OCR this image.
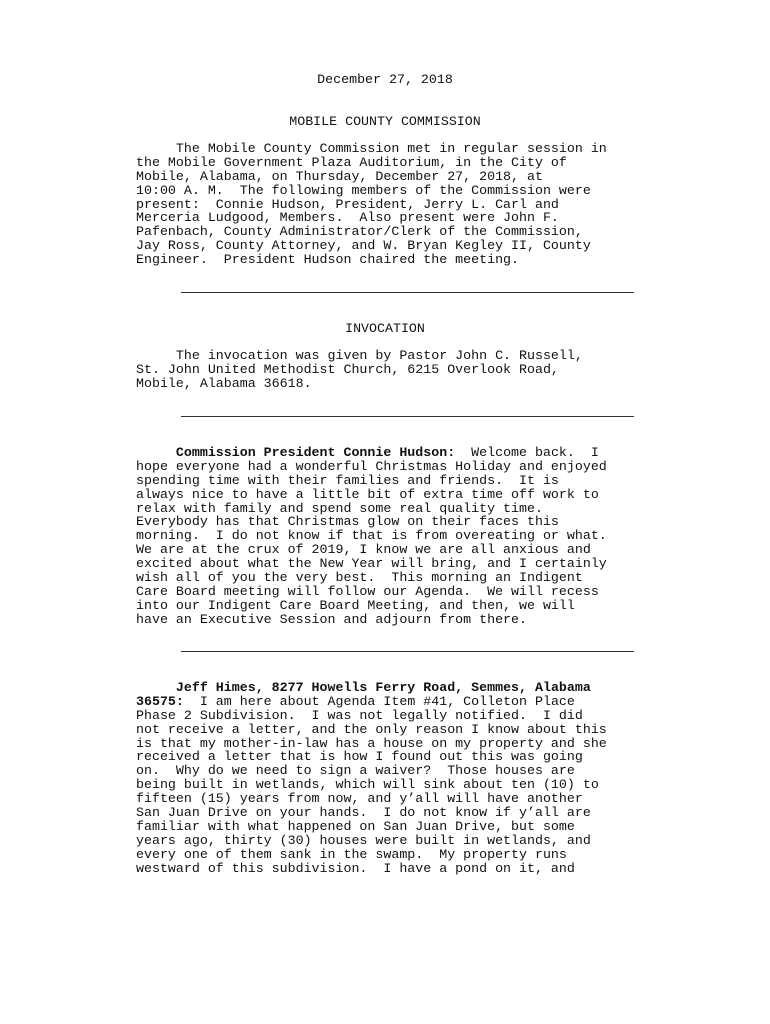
December 27, 2018
MOBILE COUNTY COMMISSION
The Mobile County Commission met in regular session in
the Mobile Government Plaza Auditorium, in the City of
Mobile, Alabama, on Thursday, December 27, 2018, at
10:00 A. M.  The following members of the Commission were
present:  Connie Hudson, President, Jerry L. Carl and
Merceria Ludgood, Members.  Also present were John F.
Pafenbach, County Administrator/Clerk of the Commission,
Jay Ross, County Attorney, and W. Bryan Kegley II, County
Engineer.  President Hudson chaired the meeting.
INVOCATION
The invocation was given by Pastor John C. Russell,
St. John United Methodist Church, 6215 Overlook Road,
Mobile, Alabama 36618.
Commission President Connie Hudson:  Welcome back.  I
hope everyone had a wonderful Christmas Holiday and enjoyed
spending time with their families and friends.  It is
always nice to have a little bit of extra time off work to
relax with family and spend some real quality time.
Everybody has that Christmas glow on their faces this
morning.  I do not know if that is from overeating or what.
We are at the crux of 2019, I know we are all anxious and
excited about what the New Year will bring, and I certainly
wish all of you the very best.  This morning an Indigent
Care Board meeting will follow our Agenda.  We will recess
into our Indigent Care Board Meeting, and then, we will
have an Executive Session and adjourn from there.
Jeff Himes, 8277 Howells Ferry Road, Semmes, Alabama
36575:  I am here about Agenda Item #41, Colleton Place
Phase 2 Subdivision.  I was not legally notified.  I did
not receive a letter, and the only reason I know about this
is that my mother-in-law has a house on my property and she
received a letter that is how I found out this was going
on.  Why do we need to sign a waiver?  Those houses are
being built in wetlands, which will sink about ten (10) to
fifteen (15) years from now, and y’all will have another
San Juan Drive on your hands.  I do not know if y’all are
familiar with what happened on San Juan Drive, but some
years ago, thirty (30) houses were built in wetlands, and
every one of them sank in the swamp.  My property runs
westward of this subdivision.  I have a pond on it, and
